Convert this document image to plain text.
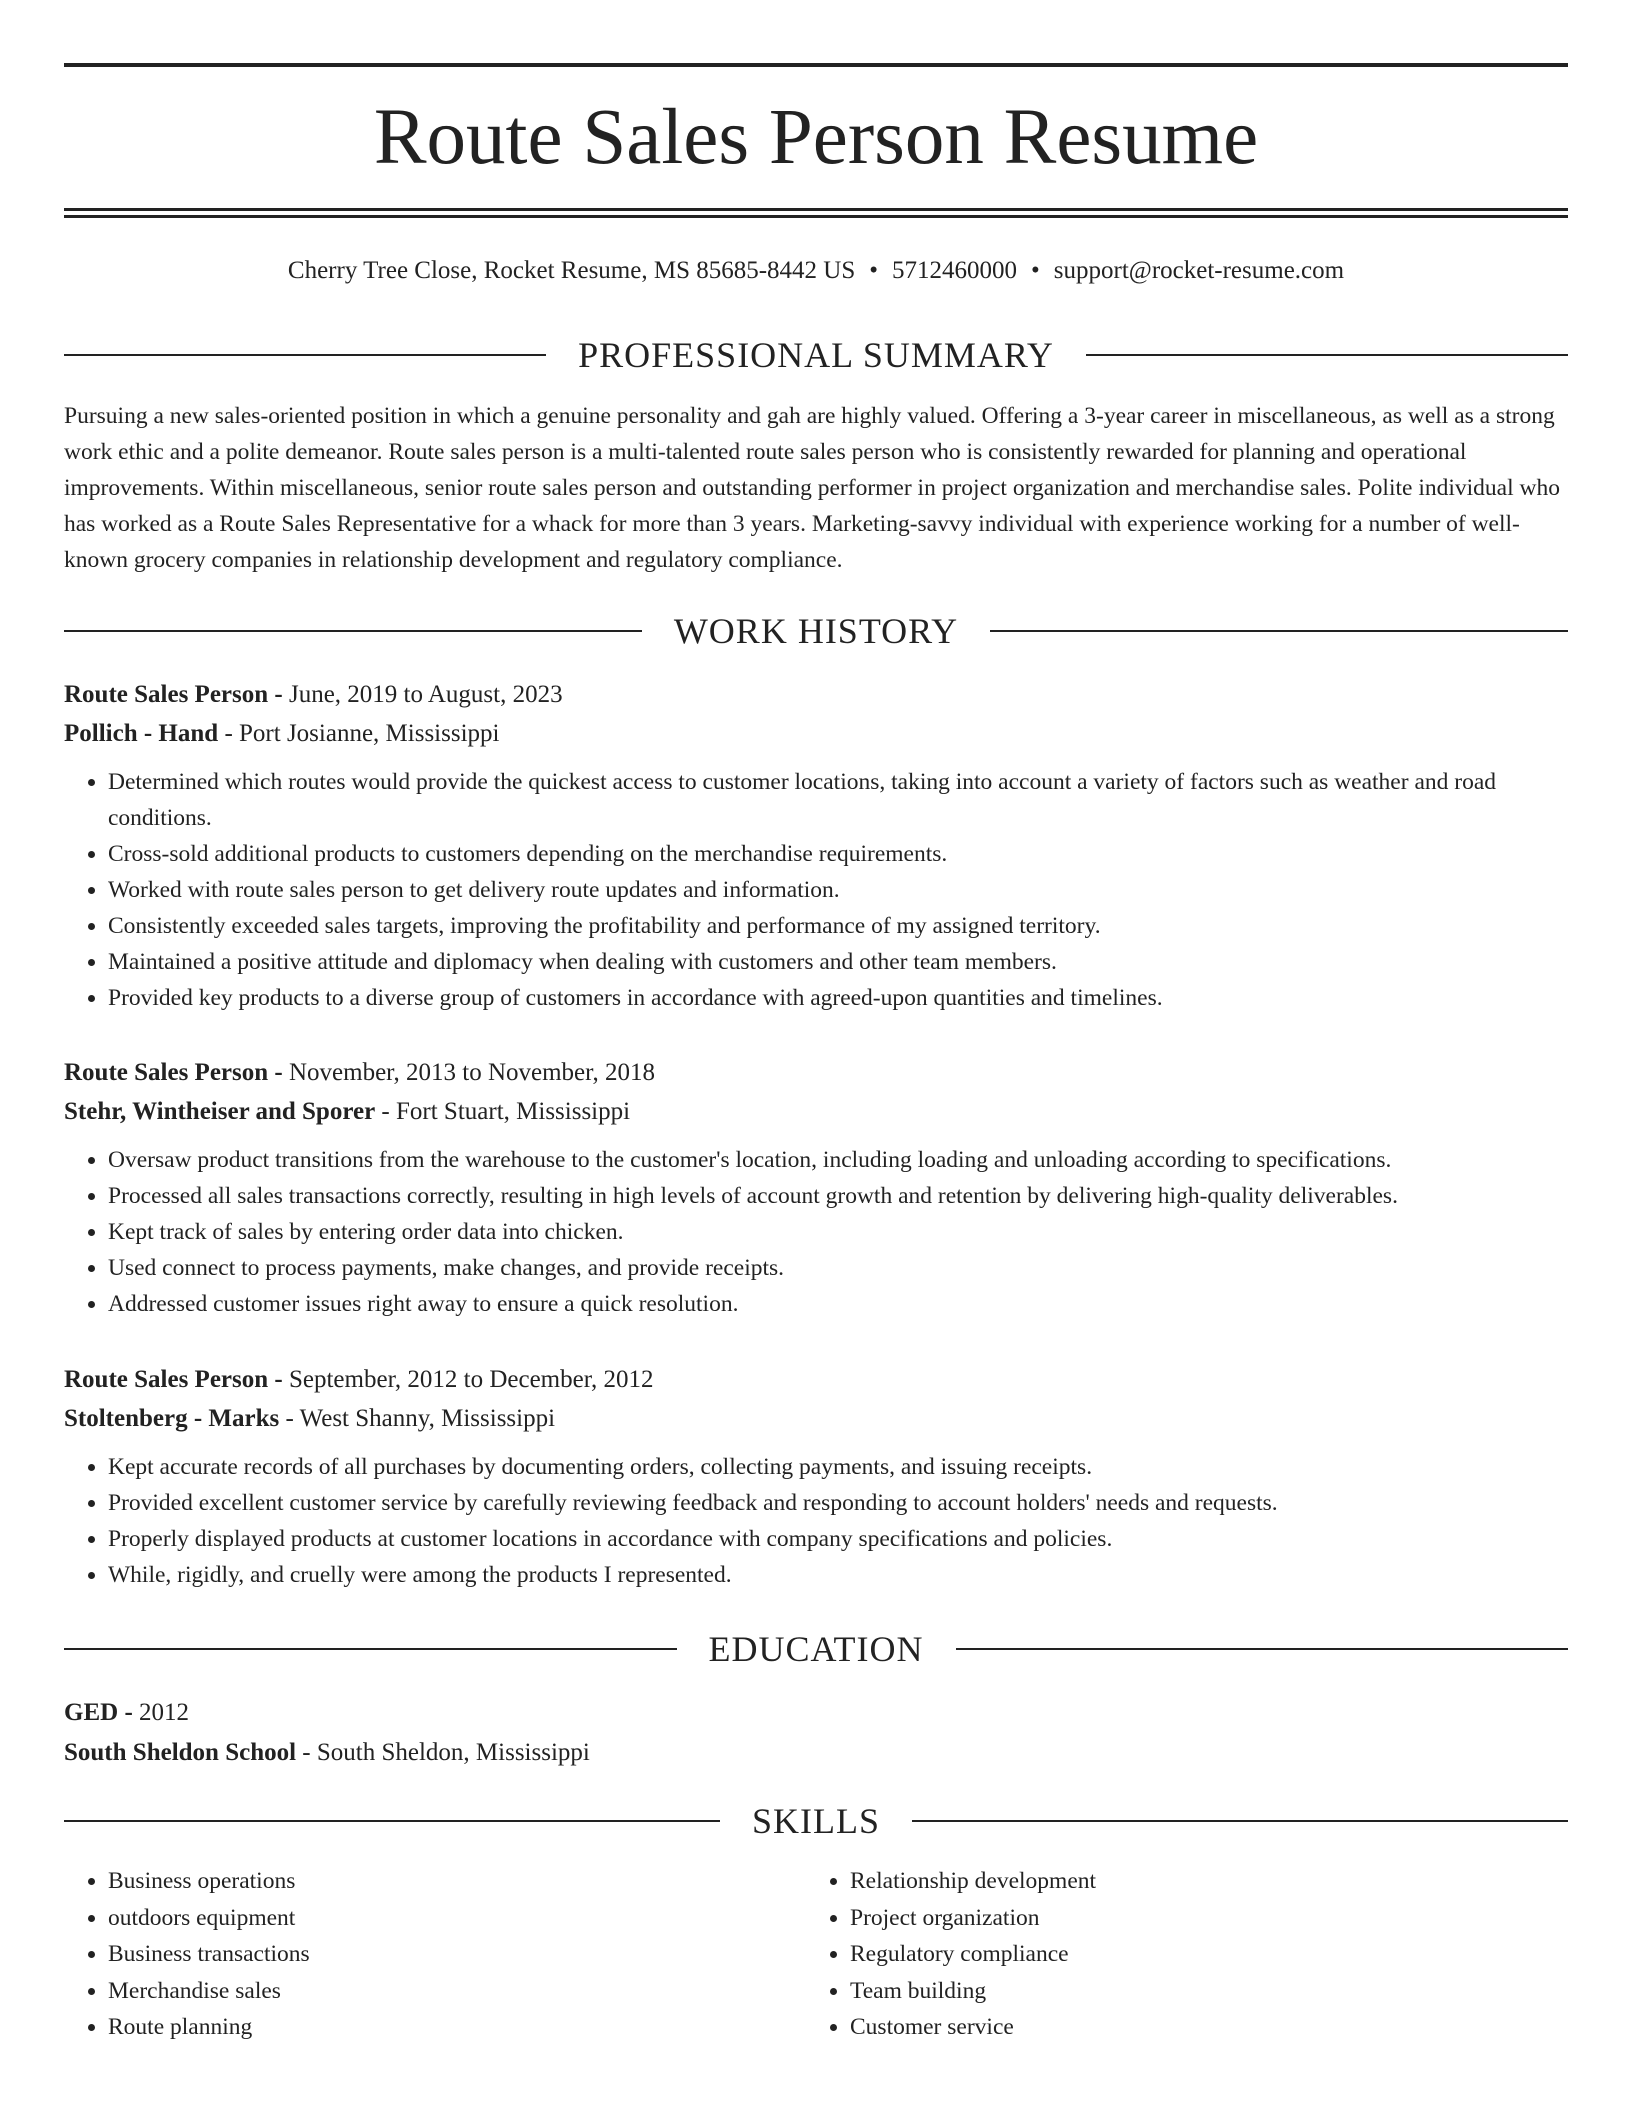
Route Sales Person Resume
Cherry Tree Close, Rocket Resume, MS 85685-8442 US • 5712460000 • support@rocket-resume.com
PROFESSIONAL SUMMARY

Pursuing a new sales-oriented position in which a genuine personality and gah are highly valued. Offering a 3-year career in miscellaneous, as well as a strong work ethic and a polite demeanor. Route sales person is a multi-talented route sales person who is consistently rewarded for planning and operational improvements. Within miscellaneous, senior route sales person and outstanding performer in project organization and merchandise sales. Polite individual who has worked as a Route Sales Representative for a whack for more than 3 years. Marketing-savvy individual with experience working for a number of well-known grocery companies in relationship development and regulatory compliance.

WORK HISTORY

Route Sales Person - June, 2019 to August, 2023

Pollich - Hand - Port Josianne, Mississippi

• Determined which routes would provide the quickest access to customer locations, taking into account a variety of factors such as weather and road conditions.
• Cross-sold additional products to customers depending on the merchandise requirements.
• Worked with route sales person to get delivery route updates and information.
• Consistently exceeded sales targets, improving the profitability and performance of my assigned territory.
• Maintained a positive attitude and diplomacy when dealing with customers and other team members.
• Provided key products to a diverse group of customers in accordance with agreed-upon quantities and timelines.

Route Sales Person - November, 2013 to November, 2018

Stehr, Wintheiser and Sporer - Fort Stuart, Mississippi

• Oversaw product transitions from the warehouse to the customer's location, including loading and unloading according to specifications.
• Processed all sales transactions correctly, resulting in high levels of account growth and retention by delivering high-quality deliverables.
• Kept track of sales by entering order data into chicken.
• Used connect to process payments, make changes, and provide receipts.
• Addressed customer issues right away to ensure a quick resolution.

Route Sales Person - September, 2012 to December, 2012

Stoltenberg - Marks - West Shanny, Mississippi

• Kept accurate records of all purchases by documenting orders, collecting payments, and issuing receipts.
• Provided excellent customer service by carefully reviewing feedback and responding to account holders' needs and requests.
• Properly displayed products at customer locations in accordance with company specifications and policies.
• While, rigidly, and cruelly were among the products I represented.
EDUCATION

GED - 2012

South Sheldon School - South Sheldon, Mississippi

SKILLS
• Business operations
• outdoors equipment
• Business transactions
• Merchandise sales
• Route planning
• Relationship development
• Project organization
• Regulatory compliance
• Team building
• Customer service
